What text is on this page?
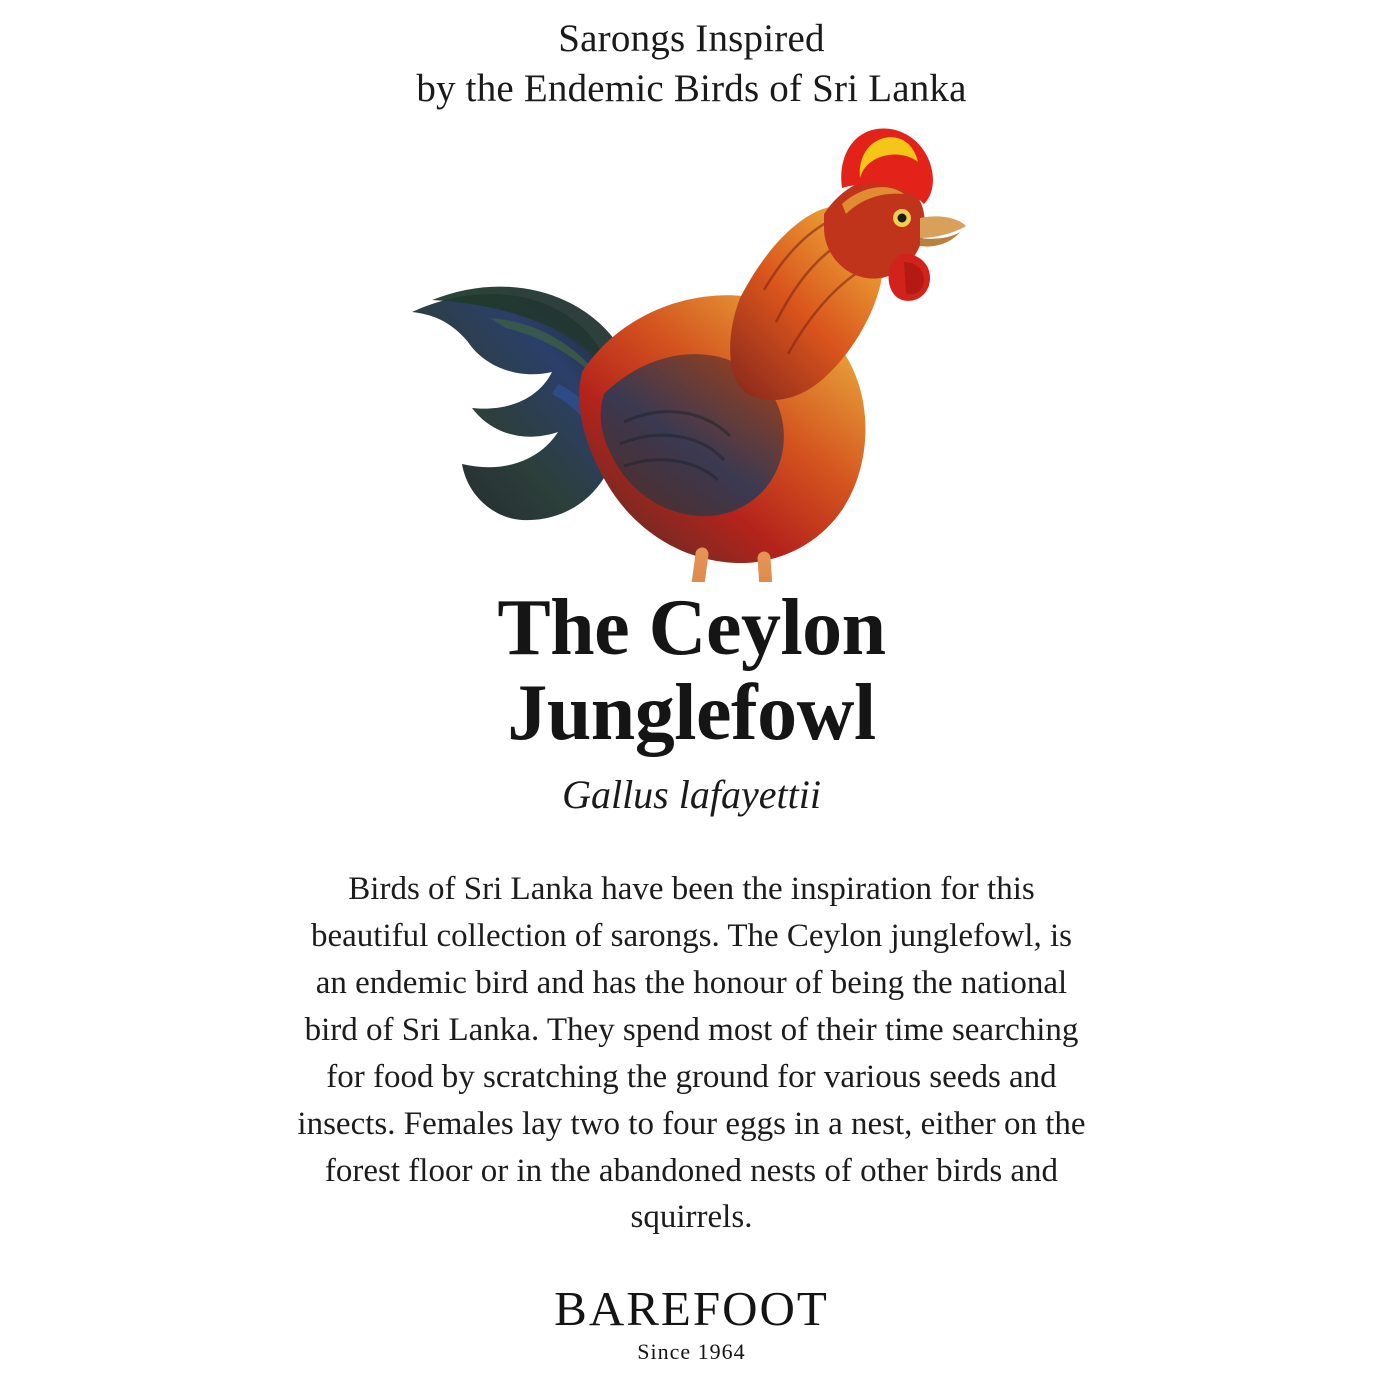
Sarongs Inspired
by the Endemic Birds of Sri Lanka
The Ceylon
Junglefowl
Gallus lafayettii

Birds of Sri Lanka have been the inspiration for this beautiful collection of sarongs. The Ceylon junglefowl, is an endemic bird and has the honour of being the national bird of Sri Lanka. They spend most of their time searching for food by scratching the ground for various seeds and insects. Females lay two to four eggs in a nest, either on the forest floor or in the abandoned nests of other birds and squirrels.

BAREFOOT
Since 1964
